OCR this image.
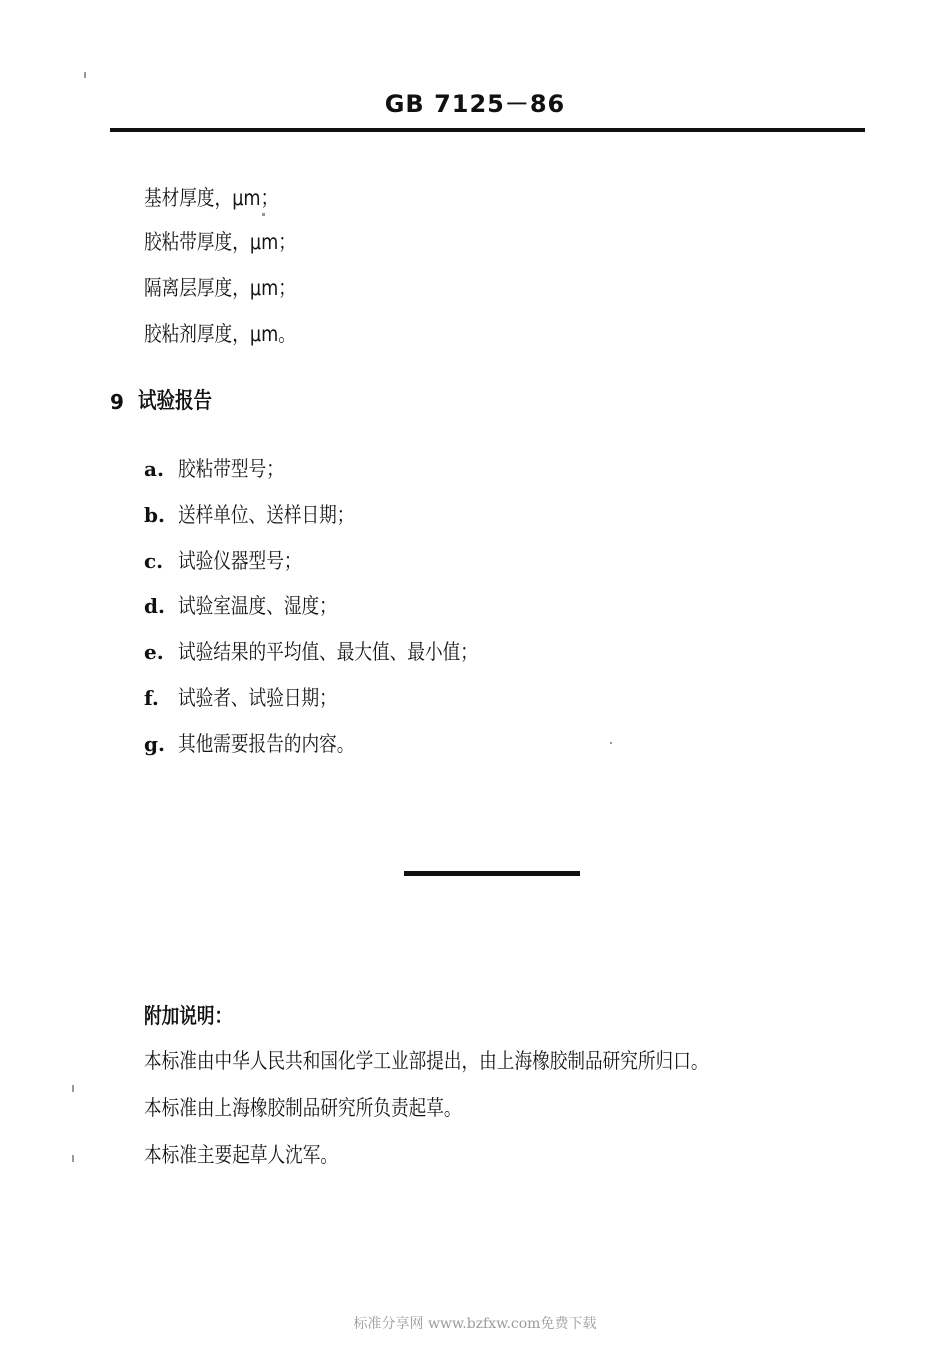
GB 7125－86
基材厚度，μm；
胶粘带厚度，μm；
隔离层厚度，μm；
胶粘剂厚度，μm。
9 试验报告
a. 胶粘带型号；
b. 送样单位、送样日期；
c. 试验仪器型号；
d. 试验室温度、湿度；
e. 试验结果的平均值、最大值、最小值；
f. 试验者、试验日期；
g. 其他需要报告的内容。
附加说明：
本标准由中华人民共和国化学工业部提出，由上海橡胶制品研究所归口。
本标准由上海橡胶制品研究所负责起草。
本标准主要起草人沈军。
标准分享网 www.bzfxw.com免费下载
